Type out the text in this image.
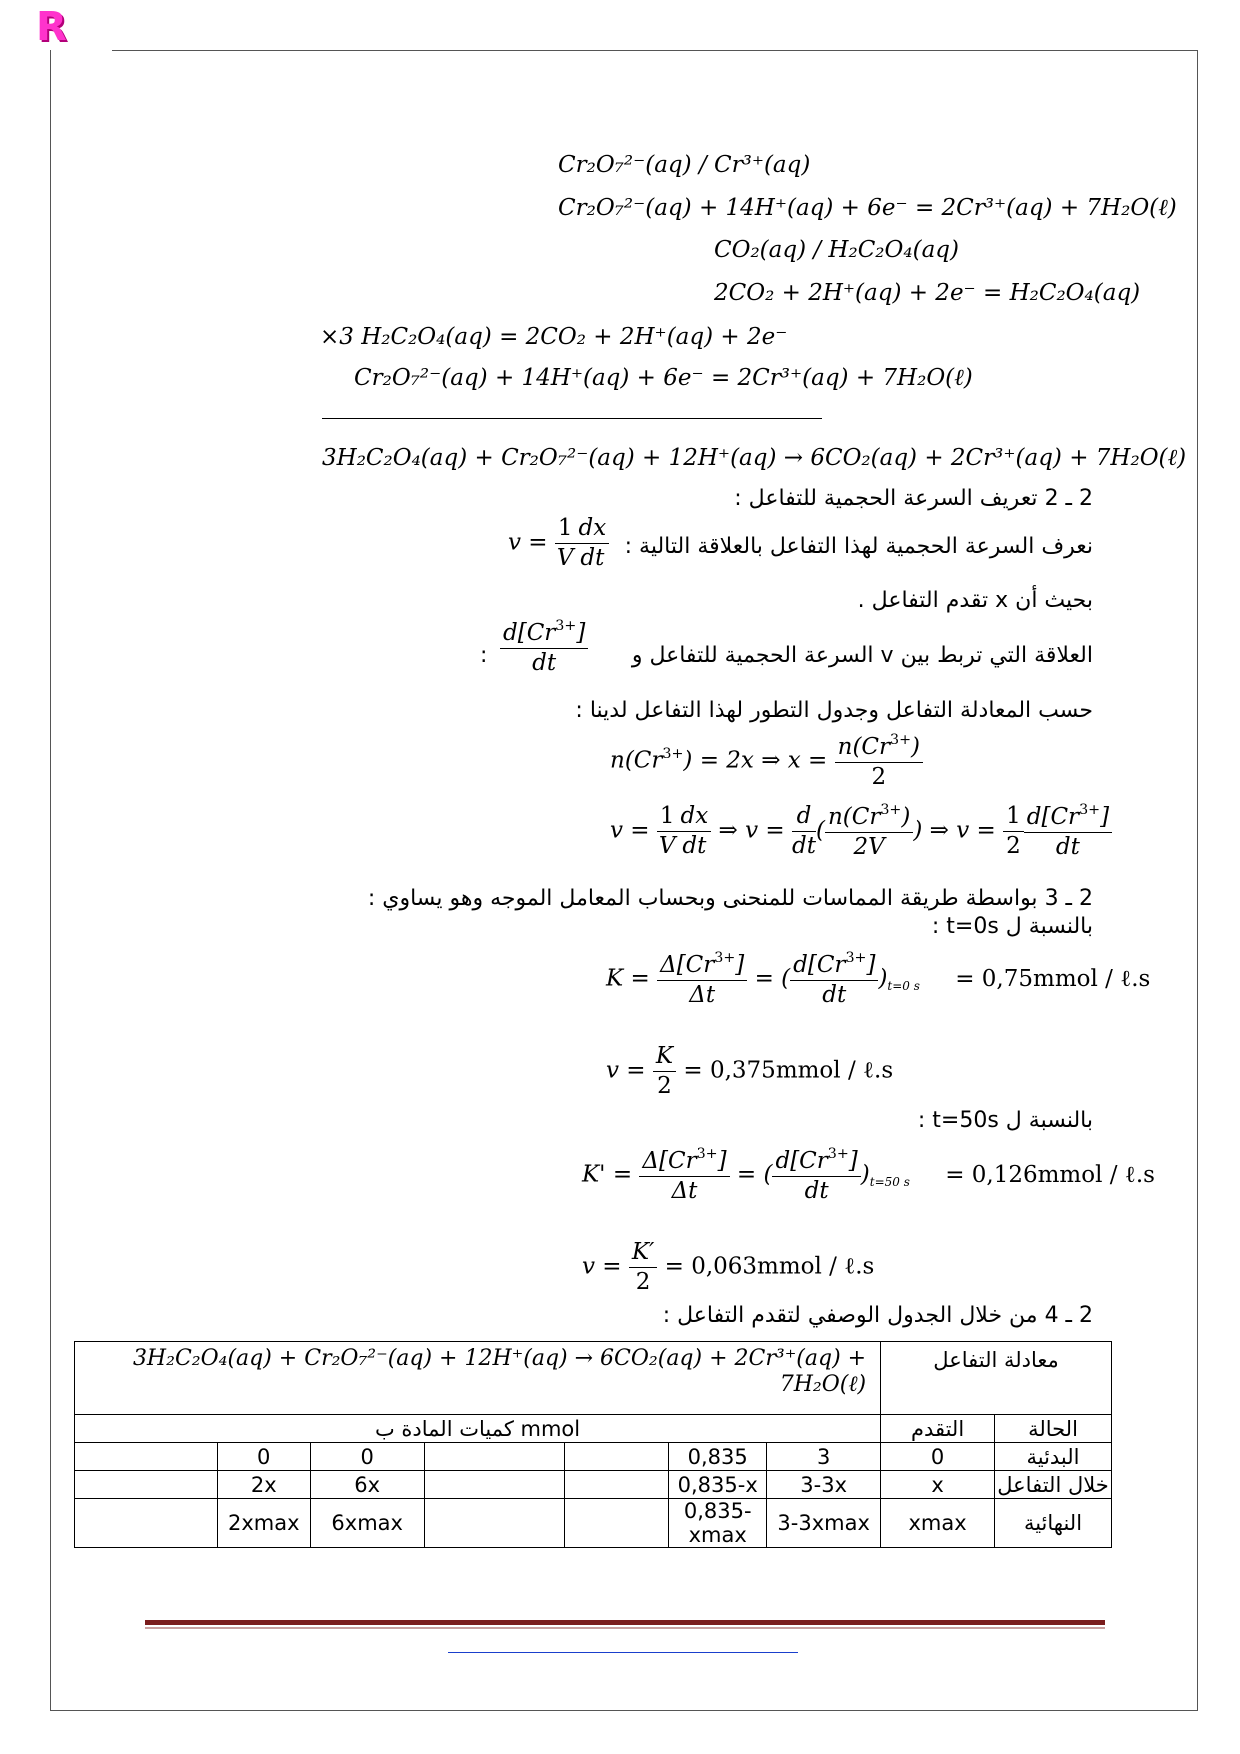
R
Cr₂O₇²⁻(aq) / Cr³⁺(aq)
Cr₂O₇²⁻(aq) + 14H⁺(aq) + 6e⁻ = 2Cr³⁺(aq) + 7H₂O(ℓ)
CO₂(aq) / H₂C₂O₄(aq)
2CO₂ + 2H⁺(aq) + 2e⁻ = H₂C₂O₄(aq)
×3 H₂C₂O₄(aq) = 2CO₂ + 2H⁺(aq) + 2e⁻
Cr₂O₇²⁻(aq) + 14H⁺(aq) + 6e⁻ = 2Cr³⁺(aq) + 7H₂O(ℓ)
3H₂C₂O₄(aq) + Cr₂O₇²⁻(aq) + 12H⁺(aq) → 6CO₂(aq) + 2Cr³⁺(aq) + 7H₂O(ℓ)
2 ـ 2 تعريف السرعة الحجمية للتفاعل :
نعرف السرعة الحجمية لهذا التفاعل بالعلاقة التالية :
$v = \frac{1}{V} \frac{dx}{dt}$
بحيث أن x تقدم التفاعل .
العلاقة التي تربط بين v السرعة الحجمية للتفاعل و
$\frac{d[Cr^{3+}]}{dt}$
:
حسب المعادلة التفاعل وجدول التطور لهذا التفاعل لدينا :
$n(Cr^{3+}) = 2x$ ⇒ $x = \frac{n(Cr^{3+})}{2}$
$v = \frac{1}{V} \frac{dx}{dt}$ ⇒ $v = \frac{d}{dt}$ ( $\frac{n(Cr^{3+})}{2V}$ ) ⇒ $v = \frac{1}{2} \frac{d[Cr^{3+}]}{dt}$
2 ـ 3 بواسطة طريقة المماسات للمنحنى وبحساب المعامل الموجه وهو يساوي :
بالنسبة ل t=0s :
$K = \frac{\Delta[Cr^{3+}]}{\Delta t}$ = ( $\frac{d[Cr^{3+}]}{dt} )_{t=0 s}$ = 0,75mmol / ℓ.s
$v = \frac{K}{2}$ = 0,375mmol / ℓ.s
بالنسبة ل t=50s :
$K' = \frac{\Delta[Cr^{3+}]}{\Delta t}$ = ( $\frac{d[Cr^{3+}]}{dt} )_{t=50 s}$ = 0,126mmol / ℓ.s
$v = \frac{K'}{2}$ = 0,063mmol / ℓ.s
2 ـ 4 من خلال الجدول الوصفي لتقدم التفاعل :
3H₂C₂O₄(aq) + Cr₂O₇²⁻(aq) + 12H⁺(aq) → 6CO₂(aq) + 2Cr³⁺(aq) + 7H₂O(ℓ)							معادلة التفاعل	
كميات المادة ب mmol							التقدم	الحالة
	0	0			0,835	3	0	البدئية
	2x	6x			0,835-x	3-3x	x	خلال التفاعل
	2xmax	6xmax			0,835-xmax	3-3xmax	xmax	النهائية
